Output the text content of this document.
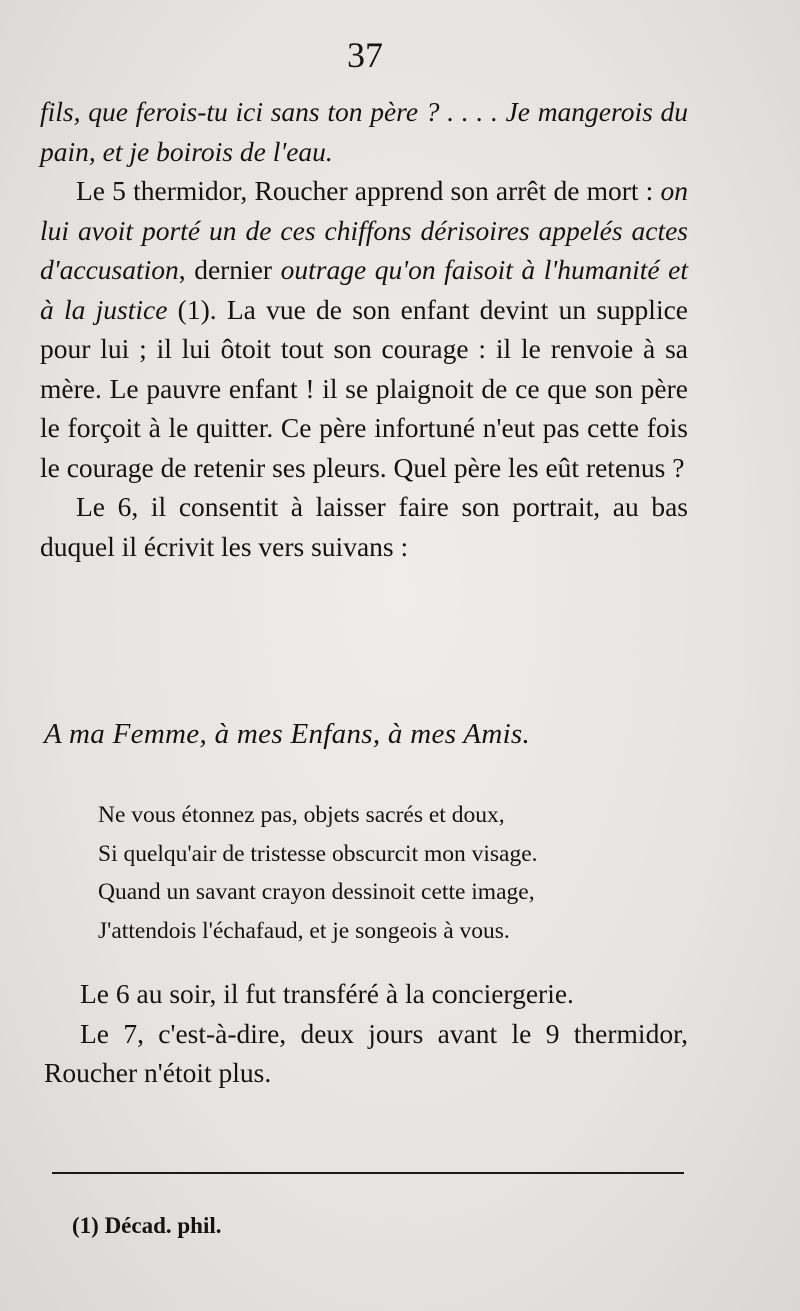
37

fils, que ferois-tu ici sans ton père ? . . . . Je mangerois du pain, et je boirois de l'eau.

Le 5 thermidor, Roucher apprend son arrêt de mort : on lui avoit porté un de ces chiffons dérisoires appelés actes d'accusation, dernier outrage qu'on faisoit à l'humanité et à la justice (1). La vue de son enfant devint un supplice pour lui ; il lui ôtoit tout son courage : il le renvoie à sa mère. Le pauvre enfant ! il se plaignoit de ce que son père le forçoit à le quitter. Ce père infortuné n'eut pas cette fois le courage de retenir ses pleurs. Quel père les eût retenus ?

Le 6, il consentit à laisser faire son portrait, au bas duquel il écrivit les vers suivans :

A ma Femme, à mes Enfans, à mes Amis.
Ne vous étonnez pas, objets sacrés et doux,
Si quelqu'air de tristesse obscurcit mon visage.
Quand un savant crayon dessinoit cette image,
J'attendois l'échafaud, et je songeois à vous.

Le 6 au soir, il fut transféré à la conciergerie.

Le 7, c'est-à-dire, deux jours avant le 9 thermidor, Roucher n'étoit plus.

(1) Décad. phil.
